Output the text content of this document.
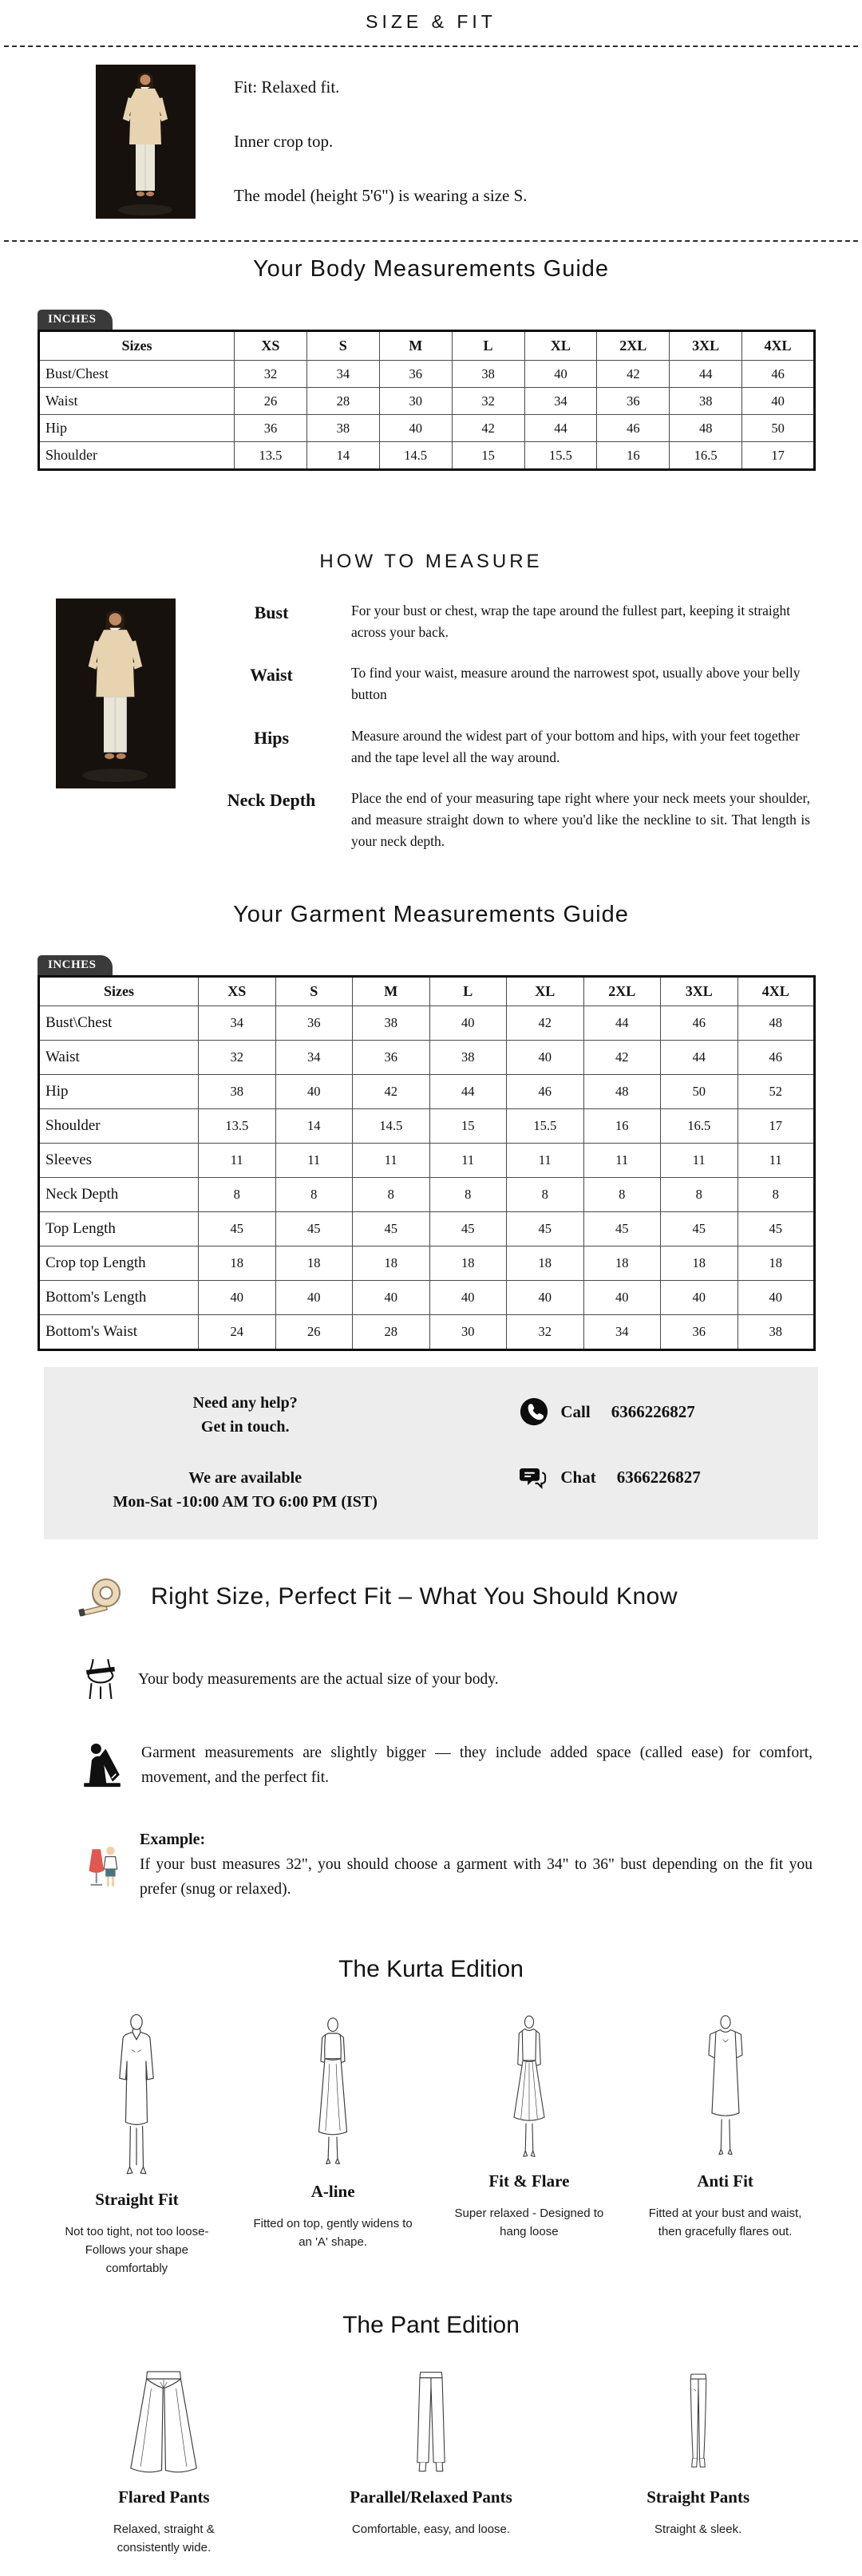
SIZE & FIT
Fit: Relaxed fit.
Inner crop top.
The model (height 5'6") is wearing a size S.
Your Body Measurements Guide
INCHES
Sizes	XS	S	M	L	XL	2XL	3XL	4XL
Bust/Chest	32	34	36	38	40	42	44	46
Waist	26	28	30	32	34	36	38	40
Hip	36	38	40	42	44	46	48	50
Shoulder	13.5	14	14.5	15	15.5	16	16.5	17
HOW TO MEASURE
Bust	For your bust or chest, wrap the tape around the fullest part, keeping it straight across your back.
Waist	To find your waist, measure around the narrowest spot, usually above your belly button
Hips	Measure around the widest part of your bottom and hips, with your feet together and the tape level all the way around.
Neck Depth	Place the end of your measuring tape right where your neck meets your shoulder, and measure straight down to where you'd like the neckline to sit. That length is your neck depth.
Your Garment Measurements Guide
INCHES
Sizes	XS	S	M	L	XL	2XL	3XL	4XL
Bust\Chest	34	36	38	40	42	44	46	48
Waist	32	34	36	38	40	42	44	46
Hip	38	40	42	44	46	48	50	52
Shoulder	13.5	14	14.5	15	15.5	16	16.5	17
Sleeves	11	11	11	11	11	11	11	11
Neck Depth	8	8	8	8	8	8	8	8
Top Length	45	45	45	45	45	45	45	45
Crop top Length	18	18	18	18	18	18	18	18
Bottom's Length	40	40	40	40	40	40	40	40
Bottom's Waist	24	26	28	30	32	34	36	38
Need any help?
Get in touch.
We are available
Mon-Sat -10:00 AM TO 6:00 PM (IST)
Call 6366226827
Chat 6366226827
Right Size, Perfect Fit – What You Should Know
Your body measurements are the actual size of your body.
Garment measurements are slightly bigger — they include added space (called ease) for comfort, movement, and the perfect fit.
Example:
If your bust measures 32", you should choose a garment with 34" to 36" bust depending on the fit you prefer (snug or relaxed).
The Kurta Edition
Straight Fit
Not too tight, not too loose-Follows your shape comfortably
A-line
Fitted on top, gently widens to an 'A' shape.
Fit & Flare
Super relaxed - Designed to hang loose
Anti Fit
Fitted at your bust and waist, then gracefully flares out.
The Pant Edition
Flared Pants
Relaxed, straight & consistently wide.
Parallel/Relaxed Pants
Comfortable, easy, and loose.
Straight Pants
Straight & sleek.
